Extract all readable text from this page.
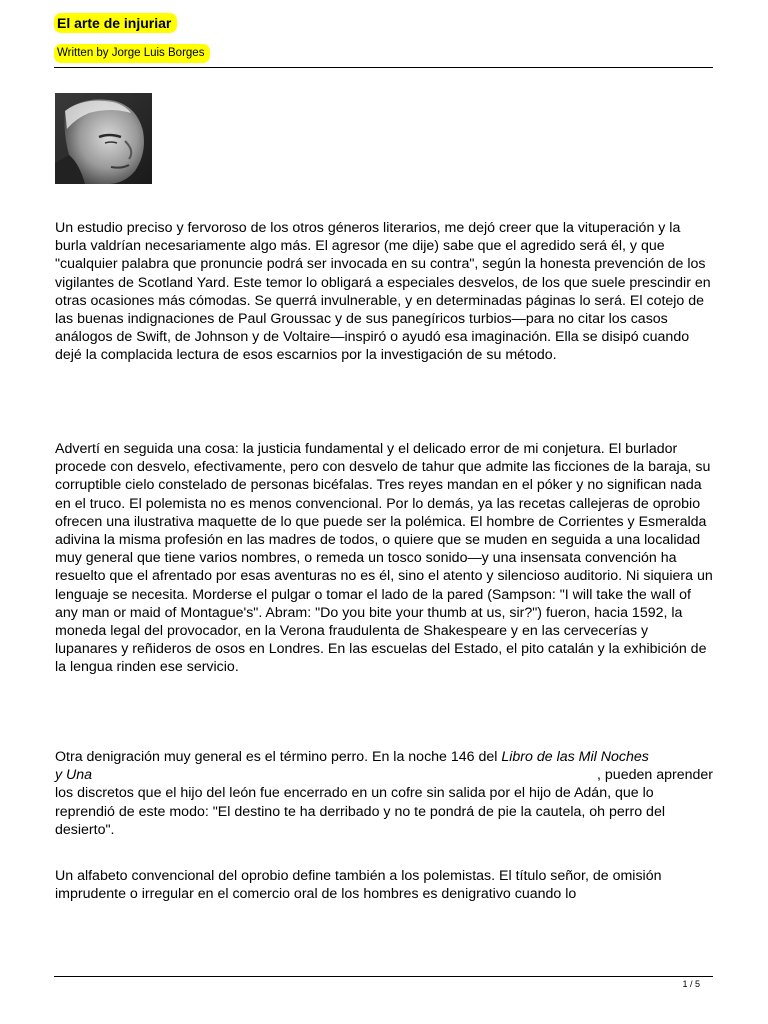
El arte de injuriar
Written by Jorge Luis Borges

Un estudio preciso y fervoroso de los otros géneros literarios, me dejó creer que la vituperación y la burla valdrían necesariamente algo más. El agresor (me dije) sabe que el agredido será él, y que "cualquier palabra que pronuncie podrá ser invocada en su contra", según la honesta prevención de los vigilantes de Scotland Yard. Este temor lo obligará a especiales desvelos, de los que suele prescindir en otras ocasiones más cómodas. Se querrá invulnerable, y en determinadas páginas lo será. El cotejo de las buenas indignaciones de Paul Groussac y de sus panegíricos turbios—para no citar los casos análogos de Swift, de Johnson y de Voltaire—inspiró o ayudó esa imaginación. Ella se disipó cuando dejé la complacida lectura de esos escarnios por la investigación de su método.

Advertí en seguida una cosa: la justicia fundamental y el delicado error de mi conjetura. El burlador procede con desvelo, efectivamente, pero con desvelo de tahur que admite las ficciones de la baraja, su corruptible cielo constelado de personas bicéfalas. Tres reyes mandan en el póker y no significan nada en el truco. El polemista no es menos convencional. Por lo demás, ya las recetas callejeras de oprobio ofrecen una ilustrativa maquette de lo que puede ser la polémica. El hombre de Corrientes y Esmeralda adivina la misma profesión en las madres de todos, o quiere que se muden en seguida a una localidad muy general que tiene varios nombres, o remeda un tosco sonido—y una insensata convención ha resuelto que el afrentado por esas aventuras no es él, sino el atento y silencioso auditorio. Ni siquiera un lenguaje se necesita. Morderse el pulgar o tomar el lado de la pared (Sampson: "I will take the wall of any man or maid of Montague's". Abram: "Do you bite your thumb at us, sir?") fueron, hacia 1592, la moneda legal del provocador, en la Verona fraudulenta de Shakespeare y en las cervecerías y lupanares y reñideros de osos en Londres. En las escuelas del Estado, el pito catalán y la exhibición de la lengua rinden ese servicio.

Otra denigración muy general es el término perro. En la noche 146 del Libro de las Mil Noches
y Una	, pueden aprender

los discretos que el hijo del león fue encerrado en un cofre sin salida por el hijo de Adán, que lo reprendió de este modo: "El destino te ha derribado y no te pondrá de pie la cautela, oh perro del desierto".

Un alfabeto convencional del oprobio define también a los polemistas. El título señor, de omisión imprudente o irregular en el comercio oral de los hombres es denigrativo cuando lo

1 / 5
